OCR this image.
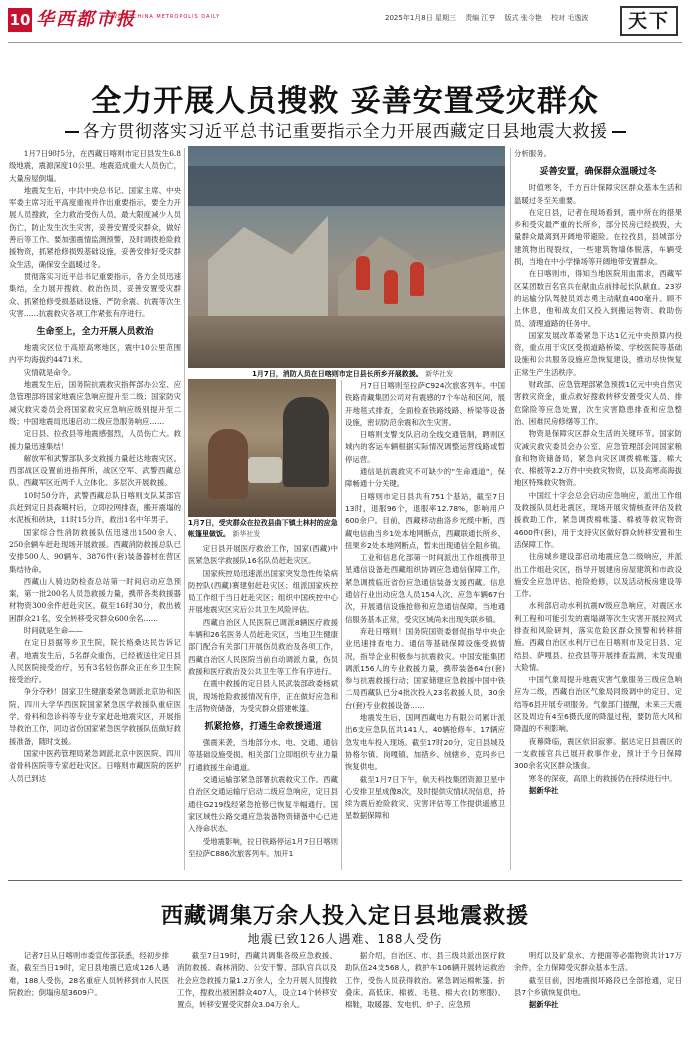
10 华西都市报
WEST CHINA METROPOLIS DAILY	2025年1月8日 星期三 责编 江亨 版式 张今艳 校对 毛逸波	天下
全力开展人员搜救 妥善安置受灾群众
各方贯彻落实习近平总书记重要指示全力开展西藏定日县地震大救援

1月7日9时5分，在西藏日喀则市定日县发生6.8级地震，震源深度10公里。地震造成重大人员伤亡，大量房屋倒塌。

地震发生后，中共中央总书记、国家主席、中央军委主席习近平高度重视并作出重要指示，要全力开展人员搜救，全力救治受伤人员，最大限度减少人员伤亡，防止发生次生灾害，妥善安置受灾群众，做好善后等工作。要加强震情监测预警，及时调拨抢险救援物资，抓紧抢修损毁基础设施，妥善安排好受灾群众生活，确保安全温暖过冬。

贯彻落实习近平总书记重要指示，各方全员迅速集结，全力展开搜救、救治伤员、妥善安置受灾群众、抓紧抢修受损基础设施、严防余震、抗震等次生灾害……抗震救灾各项工作紧张有序进行。

生命至上，全力开展人员救治

地震灾区位于高原高寒地区，震中10公里范围内平均海拔约4471米。

灾情就是命令。

地震发生后，国务院抗震救灾指挥部办公室、应急管理部将国家地震应急响应提升至二级；国家防灾减灾救灾委员会将国家救灾应急响应级别提升至二级；中国地震局迅速启动二级应急服务响应……

定日县、拉孜县等地震感强烈，人员伤亡大。救援力量迅速集结！

解放军和武警部队多支救援力量赶达地震灾区。西部战区设置前进指挥所，战区空军、武警西藏总队、西藏军区近两千人立体化、多层次开展救援。

10时50分许，武警西藏总队日喀则支队某部官兵赶到定日县森噶村后，立即拉网排查，搬开震塌的水泥板和砖块，11时15分许，救出1名中年男子。

国家综合性消防救援队伍迅速出1500余人、250余辆车赶赴现场开展救援。西藏消防救援总队已安排500人、90辆车、3876件(套)装备器材在营区集结待命。

西藏山人骑边防检查总站第一时间启动应急预案，第一批200名人员急救援力量，携带各类救援器材物资300余件赶赴灾区。截至16时30分，救出被困群众21名，安全转移受灾群众600余名……

时间就是生命——

在定日县据等乡卫生院，院长格桑达民告诉记者，地震发生后，5名群众重伤，已经被送往定日县人民医院接受治疗，另有3名轻伤群众正在乡卫生院接受治疗。

争分夺秒！国家卫生健康委紧急调派北京协和医院、四川大学华西医院国家紧急医学救援队重症医学、骨科和急诊科等专业专家赶赴地震灾区，开展指导救治工作，同边省份国家紧急医学救援队伍做好救援准备，随时支援。

国家中医药管理局紧急调派北京中医医院、四川省骨科医院等专家赶赴灾区。日喀则市藏医院的医护人员已到达

1月7日，消防人员在日喀则市定日县长所乡开展救援。 新华社发
1月7日，受灾群众在拉孜县曲下镇土林村的应急帐篷里做饭。 新华社发

定日县开展医疗救治工作，国家(西藏)中医紧急医学救援队16名队员赶赴灾区。

国家疾控局迅速派出国家突发急性传染病防控队(西藏)赛建射赶赴灾区；组派国家疾控局工作组于当日赶赴灾区；组织中国疾控中心开展地震灾区灾后公共卫生风险评估。

西藏自治区人民医院已调派8辆医疗救援车辆和26名医务人员赶赴灾区，当地卫生健康部门配合有关部门开展伤员救治及各项工作，西藏自治区人民医院当前自动调派力量，伤员救援和医疗救治及公共卫生等工作有序进行。

在震中救援的定日县人民武装部政委杨斌说，现场抢险救援情况有序，正在做好应急和生活物资储备，为受灾群众搭建帐篷。

抓紧抢修，打通生命救援通道

强震来袭，当地部分水、电、交通、通信等基础设施受损。相关部门立即组织专业力量打通救援生命通道。

交通运输部紧急部署抗震救灾工作。西藏自治区交通运输厅启动二级应急响应，定日县通往G219线经紧急抢修已恢复半幅通行。国家区域性公路交通应急装备物资储备中心已进入待命状态。

受地震影响，拉日铁路停运1月7日日喀则至拉萨C886次旅客列车。加开1

月7日日喀则至拉萨C924次旅客列车。中国铁路青藏集团公司对有震感的7个车站和区间，展开地毯式排查，全面检查铁路线路、桥梁等设备设施，密切防范余震和次生灾害。

日喀则支警支队启动全线交通管制，聘则区城内的客运车辆根据实际情况调整运营线路或暂停运营。

通信是抗震救灾不可缺少的“生命通道”，保障畅通十分关键。

日喀则市定日县共有751个基站，截至7日13时，退服96个，退服率12.78%，影响用户600余户。目前，西藏移动曲洛乡光缆中断，西藏电信曲当乡1处本地网断点，西藏联通长所乡、扭果乡2处本地网断点，暂未出现通信全阻乡镇。

工业和信息化部第一时间派出工作组携带卫星通信设备赴西藏组织协调应急通信保障工作，紧急调拨临近省份应急通信装备支援西藏。信息通信行业出动应急人员154人次、应急车辆67台次，开展通信设施抢修和应急通信保障。当地通信服务基本正常，受灾区域尚未出现失联乡镇。

弃赴日喀则！国务院国资委督促指导中央企业迅速排查电力、通信等基础保障设施受损情况，指导企业积极参与抗震救灾。中国安能集团调派156人的专业救援力量，携带装备64台(套)参与抗震救援行动；国家储建应急救援中国中铁二局西藏队已分4批次投入23名救援人员，30余台(套)专业救援设备……

地震发生后，国网西藏电力有限公司累计派出6支应急队伍共141人、40辆抢修车、17辆应急发电车投入现场。截至17时20分，定日县城及协格尔镇、岗嘎镇、加措乡、绒辖乡、克玛乡已恢复供电。

截至1月7日下午，航天科技集团资源卫星中心安排卫星成像8次，及时提供灾情状况信息，持续为震后抢险救灾、灾害评估等工作提供遥感卫星数据保障和

分析服务。

妥善安置，确保群众温暖过冬

时值寒冬，千方百计保障灾区群众基本生活和温暖过冬至关重要。

在定日县，记者在现场看到，震中所在的措果乡和受灾最严重的长所乡，部分民房已经损毁，大量群众最离到开阔地带避险。在拉孜县，县城部分建筑物出现裂纹，一些建筑物墙体脱落，车辆受损，当地在中小学操场等开阔地带安置群众。

在日喀则市，得知当地医院用血需求，西藏军区某团数百名官兵在献血点前排起长队献血。23岁的运输分队驾驶员刘志勇主动献血400毫升。顾不上休息，他和战友们又投入到搬运物资、救助伤员、清理道路的任务中。

国家发展改革委紧急下达1亿元中央预算内投资，重点用于灾区受损道路桥梁、学校医院等基础设施和公共服务设施应急恢复建设，推动尽快恢复正常生产生活秩序。

财政部、应急管理部紧急预拨1亿元中央自然灾害救灾资金，重点救好搜救转移安置受灾人员、排危除险等应急处置，次生灾害隐患排查和应急整治、困难民房修缮等工作。

物资是保障灾区群众生活的关键环节。国家防灾减灾救灾委员会办公室、应急管理部会同国家粮食和物资储备局，紧急向灾区调拨棉帐篷、棉大衣、棉被等2.2万件中央救灾物资，以及高寒高海拔地区特殊救灾物资。

中国红十字会总会启动应急响应，派出工作组及救援队员赶赴震区，现场开展灾情核查评估及救援救助工作，紧急调拨棉帐篷、棉被等救灾物资4600件(套)，用于支持灾区做好群众转移安置和生活保障工作。

住房城乡建设部启动地震应急二级响应，并派出工作组赴灾区，指导开展建房房屋建筑和市政设施安全应急评估、抢险抢修，以及活动板房建设等工作。

水利部启动水利抗震Ⅳ级应急响应，对震区水利工程和可能引发的震塌湖等次生灾害开展拉网式排查和风险研判，落实危险区群众预警和转移措施。西藏自治区水利厅已在日喀则市及定日县、定结县、萨嘎县、拉孜县等开展排查监测，未发现重大险情。

中国气象局提升地震灾害气象服务三级应急响应为二级，西藏自治区气象局同级调中的定日、定结等6县开展专项服务。气象部门提醒，未来三天震区及周边有4至6摄氏度的降温过程，要防范大风和降温的不利影响。

夜幕降临，震区依旧寂寥。据达定日县震区的一支救援官兵已展开救事作业，预计于今日保障300余名灾区群众饿食。

寒冬的深夜，高原上的救援仍在持续进行中。

据新华社

西藏调集万余人投入定日县地震救援
地震已致126人遇难、188人受伤

记者7日从日喀则市委宣传部获悉，经初步排查，截至当日19时，定日县地震已造成126人遇难，188人受伤，28名重症人员转移到市人民医院救治；倒塌房屋3609户。

截至7日19时，西藏共调集各级应急救援、消防救援、森林消防、公安干警、部队官兵以及社会应急救援力量1.2万余人，全力开展人员搜救工作，搜救出被困群众407人，设立14个转移安置点，转移安置受灾群众3.04万余人。

据介绍，自治区、市、县三级共派出医疗救助队伍24支568人，救护车106辆开展转运救治工作，受伤人员获得救治。紧急调运棉帐篷、折叠床、高低床、棉被、毛毯、棉大衣(防寒服)、棉鞋，取暖器、发电机、炉子、应急照

明灯以及矿泉水、方便面等必需物资共计17万余件，全力保障受灾群众基本生活。

截至目前，因地震损坏路段已全部抢通，定日县7个乡镇恢复供电。

据新华社
